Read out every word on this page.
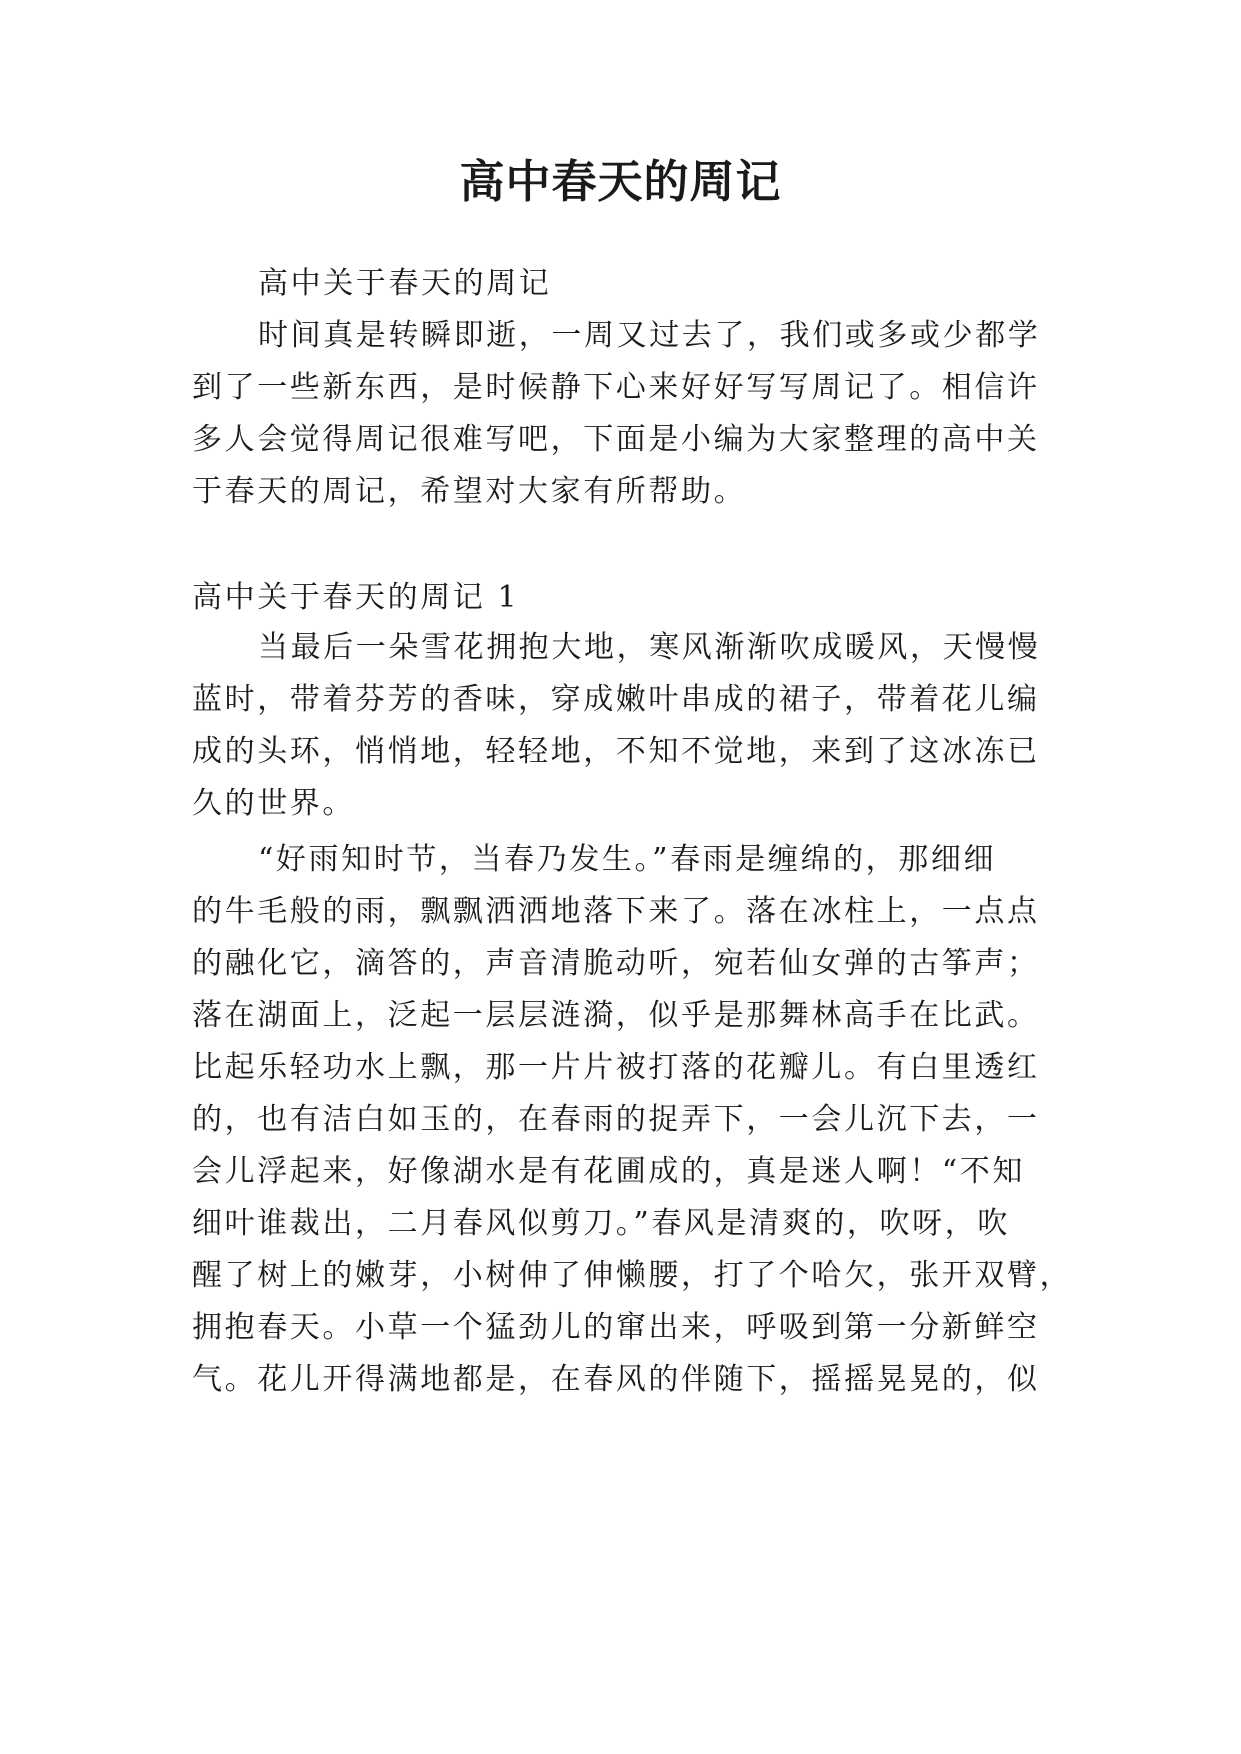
高中春天的周记

高中关于春天的周记

时间真是转瞬即逝，一周又过去了，我们或多或少都学

到了一些新东西，是时候静下心来好好写写周记了。相信许

多人会觉得周记很难写吧，下面是小编为大家整理的高中关

于春天的周记，希望对大家有所帮助。

高中关于春天的周记 1

当最后一朵雪花拥抱大地，寒风渐渐吹成暖风，天慢慢

蓝时，带着芬芳的香味，穿成嫩叶串成的裙子，带着花儿编

成的头环，悄悄地，轻轻地，不知不觉地，来到了这冰冻已

久的世界。

“好雨知时节，当春乃发生。”春雨是缠绵的，那细细

的牛毛般的雨，飘飘洒洒地落下来了。落在冰柱上，一点点

的融化它，滴答的，声音清脆动听，宛若仙女弹的古筝声；

落在湖面上，泛起一层层涟漪，似乎是那舞林高手在比武。

比起乐轻功水上飘，那一片片被打落的花瓣儿。有白里透红

的，也有洁白如玉的，在春雨的捉弄下，一会儿沉下去，一

会儿浮起来，好像湖水是有花圃成的，真是迷人啊！“不知

细叶谁裁出，二月春风似剪刀。”春风是清爽的，吹呀，吹

醒了树上的嫩芽，小树伸了伸懒腰，打了个哈欠，张开双臂，

拥抱春天。小草一个猛劲儿的窜出来，呼吸到第一分新鲜空

气。花儿开得满地都是，在春风的伴随下，摇摇晃晃的，似
